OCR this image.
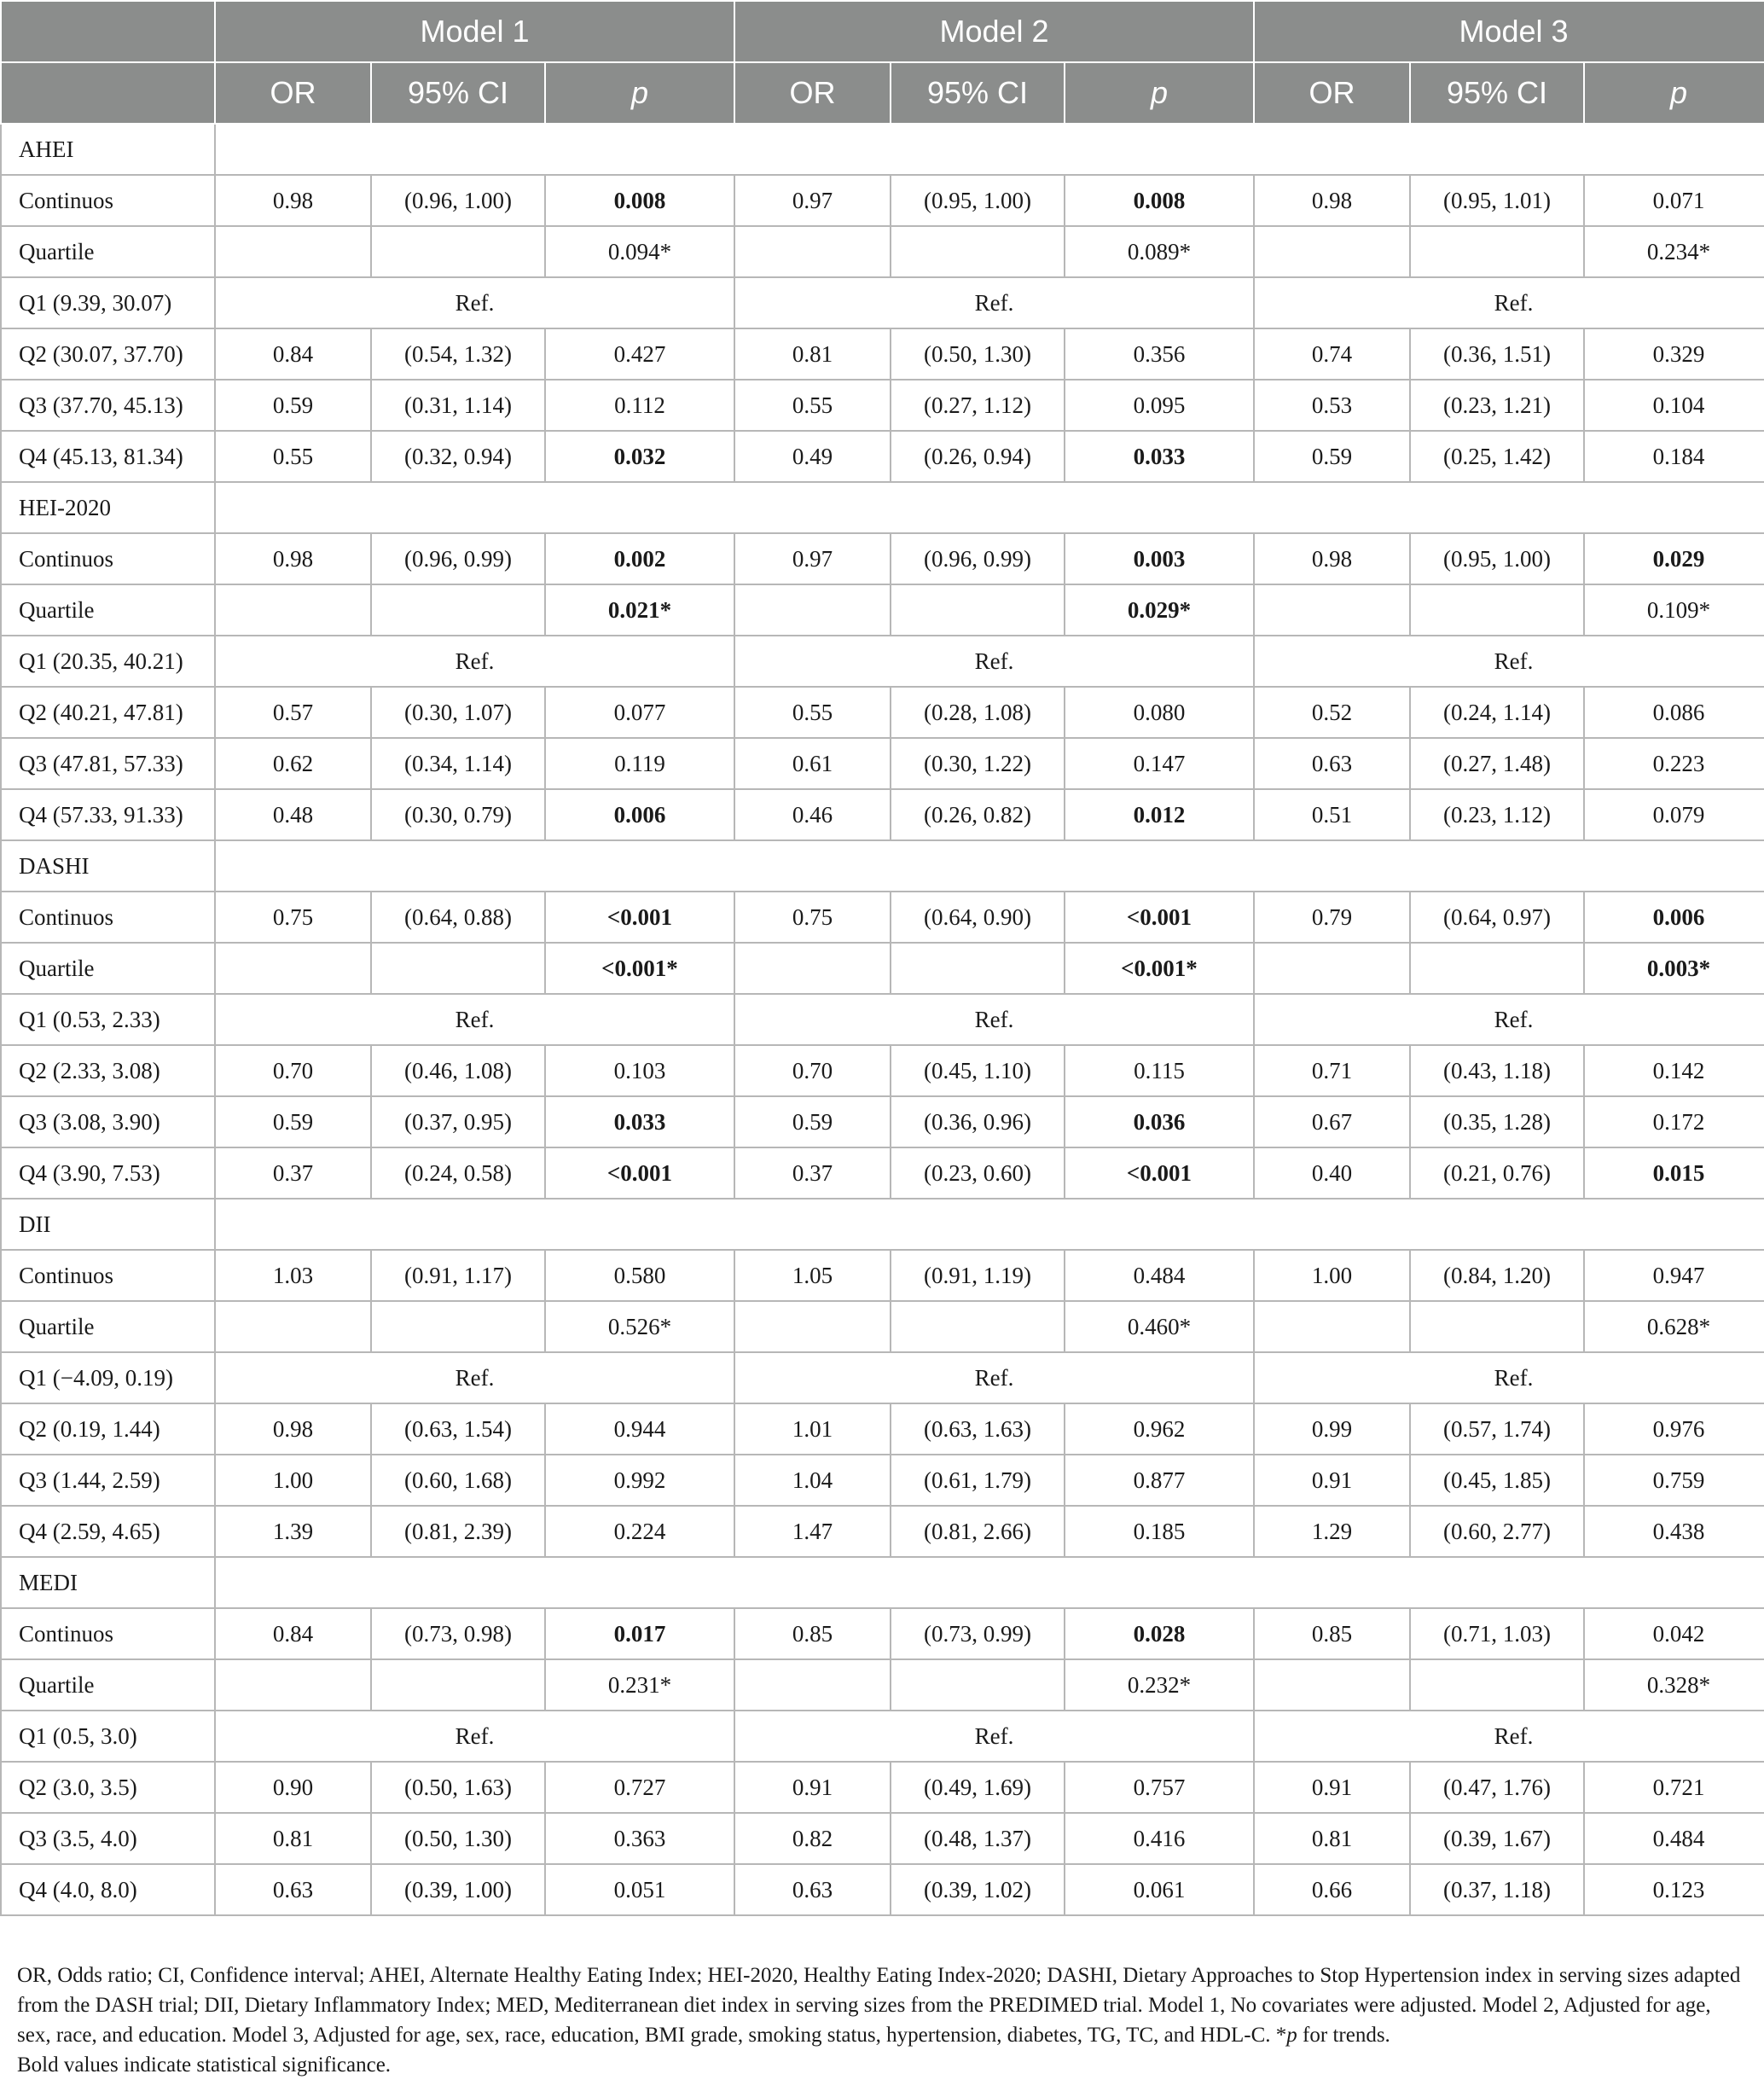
	Model 1			Model 2			Model 3		
	OR	95% CI	p	OR	95% CI	p	OR	95% CI	p
AHEI									
Continuos	0.98	(0.96, 1.00)	0.008	0.97	(0.95, 1.00)	0.008	0.98	(0.95, 1.01)	0.071
Quartile			0.094*			0.089*			0.234*
Q1 (9.39, 30.07)	Ref.			Ref.			Ref.		
Q2 (30.07, 37.70)	0.84	(0.54, 1.32)	0.427	0.81	(0.50, 1.30)	0.356	0.74	(0.36, 1.51)	0.329
Q3 (37.70, 45.13)	0.59	(0.31, 1.14)	0.112	0.55	(0.27, 1.12)	0.095	0.53	(0.23, 1.21)	0.104
Q4 (45.13, 81.34)	0.55	(0.32, 0.94)	0.032	0.49	(0.26, 0.94)	0.033	0.59	(0.25, 1.42)	0.184
HEI-2020									
Continuos	0.98	(0.96, 0.99)	0.002	0.97	(0.96, 0.99)	0.003	0.98	(0.95, 1.00)	0.029
Quartile			0.021*			0.029*			0.109*
Q1 (20.35, 40.21)	Ref.			Ref.			Ref.		
Q2 (40.21, 47.81)	0.57	(0.30, 1.07)	0.077	0.55	(0.28, 1.08)	0.080	0.52	(0.24, 1.14)	0.086
Q3 (47.81, 57.33)	0.62	(0.34, 1.14)	0.119	0.61	(0.30, 1.22)	0.147	0.63	(0.27, 1.48)	0.223
Q4 (57.33, 91.33)	0.48	(0.30, 0.79)	0.006	0.46	(0.26, 0.82)	0.012	0.51	(0.23, 1.12)	0.079
DASHI									
Continuos	0.75	(0.64, 0.88)	<0.001	0.75	(0.64, 0.90)	<0.001	0.79	(0.64, 0.97)	0.006
Quartile			<0.001*			<0.001*			0.003*
Q1 (0.53, 2.33)	Ref.			Ref.			Ref.		
Q2 (2.33, 3.08)	0.70	(0.46, 1.08)	0.103	0.70	(0.45, 1.10)	0.115	0.71	(0.43, 1.18)	0.142
Q3 (3.08, 3.90)	0.59	(0.37, 0.95)	0.033	0.59	(0.36, 0.96)	0.036	0.67	(0.35, 1.28)	0.172
Q4 (3.90, 7.53)	0.37	(0.24, 0.58)	<0.001	0.37	(0.23, 0.60)	<0.001	0.40	(0.21, 0.76)	0.015
DII									
Continuos	1.03	(0.91, 1.17)	0.580	1.05	(0.91, 1.19)	0.484	1.00	(0.84, 1.20)	0.947
Quartile			0.526*			0.460*			0.628*
Q1 (−4.09, 0.19)	Ref.			Ref.			Ref.		
Q2 (0.19, 1.44)	0.98	(0.63, 1.54)	0.944	1.01	(0.63, 1.63)	0.962	0.99	(0.57, 1.74)	0.976
Q3 (1.44, 2.59)	1.00	(0.60, 1.68)	0.992	1.04	(0.61, 1.79)	0.877	0.91	(0.45, 1.85)	0.759
Q4 (2.59, 4.65)	1.39	(0.81, 2.39)	0.224	1.47	(0.81, 2.66)	0.185	1.29	(0.60, 2.77)	0.438
MEDI									
Continuos	0.84	(0.73, 0.98)	0.017	0.85	(0.73, 0.99)	0.028	0.85	(0.71, 1.03)	0.042
Quartile			0.231*			0.232*			0.328*
Q1 (0.5, 3.0)	Ref.			Ref.			Ref.		
Q2 (3.0, 3.5)	0.90	(0.50, 1.63)	0.727	0.91	(0.49, 1.69)	0.757	0.91	(0.47, 1.76)	0.721
Q3 (3.5, 4.0)	0.81	(0.50, 1.30)	0.363	0.82	(0.48, 1.37)	0.416	0.81	(0.39, 1.67)	0.484
Q4 (4.0, 8.0)	0.63	(0.39, 1.00)	0.051	0.63	(0.39, 1.02)	0.061	0.66	(0.37, 1.18)	0.123

OR, Odds ratio; CI, Confidence interval; AHEI, Alternate Healthy Eating Index; HEI-2020, Healthy Eating Index-2020; DASHI, Dietary Approaches to Stop Hypertension index in serving sizes adapted from the DASH trial; DII, Dietary Inflammatory Index; MED, Mediterranean diet index in serving sizes from the PREDIMED trial. Model 1, No covariates were adjusted. Model 2, Adjusted for age, sex, race, and education. Model 3, Adjusted for age, sex, race, education, BMI grade, smoking status, hypertension, diabetes, TG, TC, and HDL-C. *p for trends.

Bold values indicate statistical significance.
